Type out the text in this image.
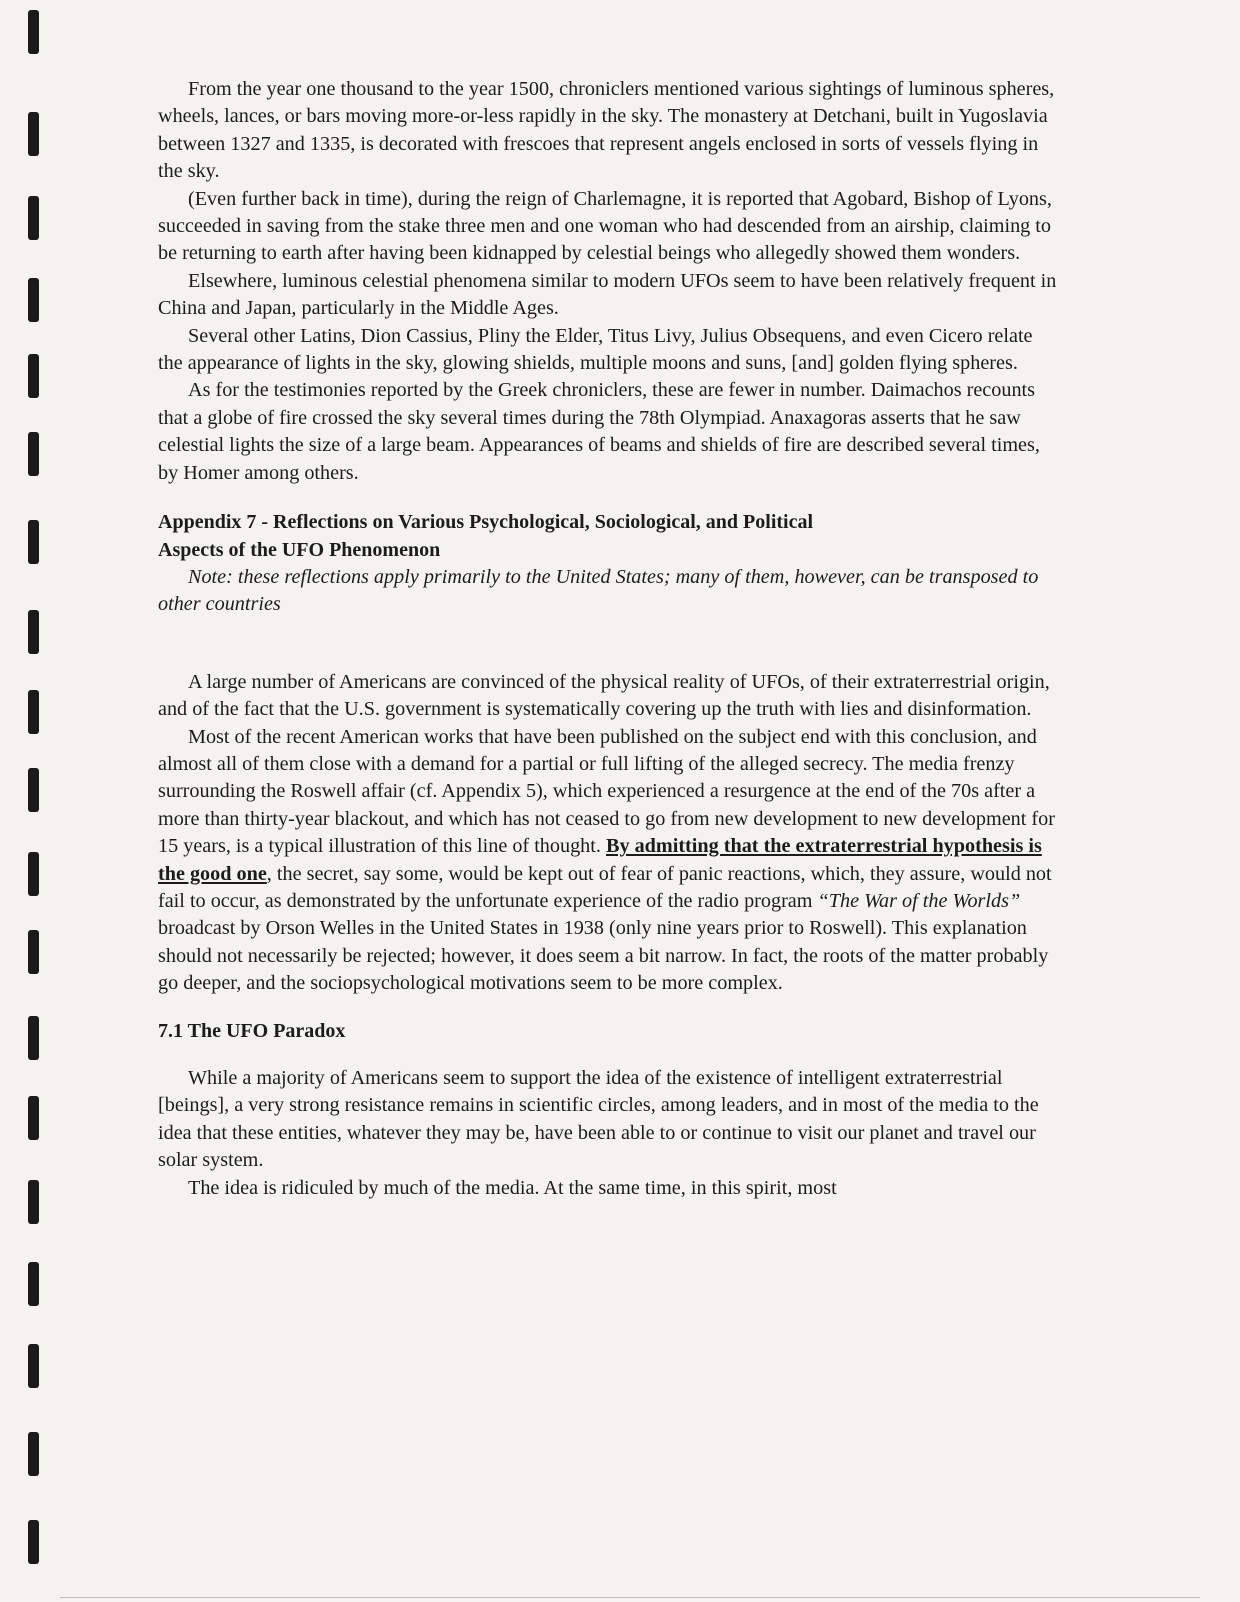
From the year one thousand to the year 1500, chroniclers mentioned various sightings of luminous spheres, wheels, lances, or bars moving more-or-less rapidly in the sky. The monastery at Detchani, built in Yugoslavia between 1327 and 1335, is decorated with frescoes that represent angels enclosed in sorts of vessels flying in the sky.

(Even further back in time), during the reign of Charlemagne, it is reported that Agobard, Bishop of Lyons, succeeded in saving from the stake three men and one woman who had descended from an airship, claiming to be returning to earth after having been kidnapped by celestial beings who allegedly showed them wonders.

Elsewhere, luminous celestial phenomena similar to modern UFOs seem to have been relatively frequent in China and Japan, particularly in the Middle Ages.

Several other Latins, Dion Cassius, Pliny the Elder, Titus Livy, Julius Obsequens, and even Cicero relate the appearance of lights in the sky, glowing shields, multiple moons and suns, [and] golden flying spheres.

As for the testimonies reported by the Greek chroniclers, these are fewer in number. Daimachos recounts that a globe of fire crossed the sky several times during the 78th Olympiad. Anaxagoras asserts that he saw celestial lights the size of a large beam. Appearances of beams and shields of fire are described several times, by Homer among others.

Appendix 7 - Reflections on Various Psychological, Sociological, and Political
Aspects of the UFO Phenomenon

Note: these reflections apply primarily to the United States; many of them, however, can be transposed to other countries

A large number of Americans are convinced of the physical reality of UFOs, of their extraterrestrial origin, and of the fact that the U.S. government is systematically covering up the truth with lies and disinformation.

Most of the recent American works that have been published on the subject end with this conclusion, and almost all of them close with a demand for a partial or full lifting of the alleged secrecy. The media frenzy surrounding the Roswell affair (cf. Appendix 5), which experienced a resurgence at the end of the 70s after a more than thirty-year blackout, and which has not ceased to go from new development to new development for 15 years, is a typical illustration of this line of thought. By admitting that the extraterrestrial hypothesis is the good one, the secret, say some, would be kept out of fear of panic reactions, which, they assure, would not fail to occur, as demonstrated by the unfortunate experience of the radio program “The War of the Worlds” broadcast by Orson Welles in the United States in 1938 (only nine years prior to Roswell). This explanation should not necessarily be rejected; however, it does seem a bit narrow. In fact, the roots of the matter probably go deeper, and the sociopsychological motivations seem to be more complex.

7.1 The UFO Paradox

While a majority of Americans seem to support the idea of the existence of intelligent extraterrestrial [beings], a very strong resistance remains in scientific circles, among leaders, and in most of the media to the idea that these entities, whatever they may be, have been able to or continue to visit our planet and travel our solar system.

The idea is ridiculed by much of the media. At the same time, in this spirit, most
